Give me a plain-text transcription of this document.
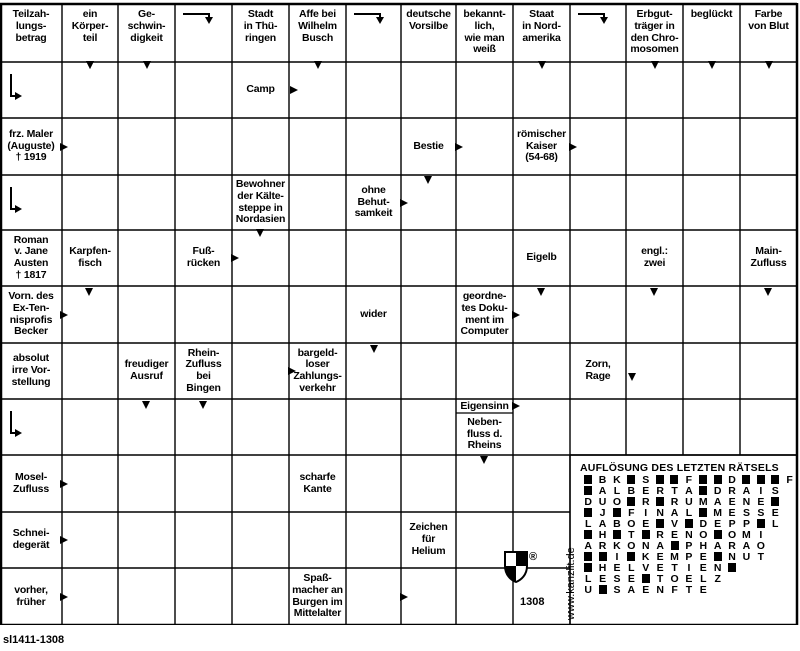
Teilzah-
lungs-
betrag
ein
Körper-
teil
Ge-
schwin-
digkeit
Stadt
in Thü-
ringen
Affe bei
Wilhelm
Busch
deutsche
Vorsilbe
bekannt-
lich,
wie man
weiß
Staat
in Nord-
amerika
Erbgut-
träger in
den Chro-
mosomen
beglückt	Farbe
von Blut
Camp
frz. Maler
(Auguste)
† 1919
Bestie
römischer
Kaiser
(54-68)
Bewohner
der Kälte-
steppe in
Nordasien
ohne
Behut-
samkeit
Roman
v. Jane
Austen
† 1817
Karpfen-
fisch
Fuß-
rücken	Eigelb	engl.:
zwei
Main-
Zufluss
Vorn. des
Ex-Ten-
nisprofis
Becker
wider
geordne-
tes Doku-
ment im
Computer
absolut
irre Vor-
stellung
freudiger
Ausruf
Rhein-
Zufluss
bei
Bingen
bargeld-
loser
Zahlungs-
verkehr
Zorn,
Rage
Eigensinn
Neben-
fluss d.
Rheins
Mosel-
Zufluss
scharfe
Kante
Schnei-
degerät
Zeichen
für
Helium
vorher,
früher
Spaß-
macher an
Burgen im
Mittelalter
AUFLÖSUNG DES LETZTEN RÄTSELS
B K	S	F	D	F
A L B E R T A	D R A I S
D U O	R	R U M A E N E
J	F I N A L	M E S S E
L A B O E	V	D E P P	L
H	T	R E N O O M I
A R K O N A	P H A R A O
I	K E M P E	N U T
H E L V E T I E N
L E S E	T O E L Z
U	S A E N F T E
www.kanzlit.de
®
1308
sl1411-1308
